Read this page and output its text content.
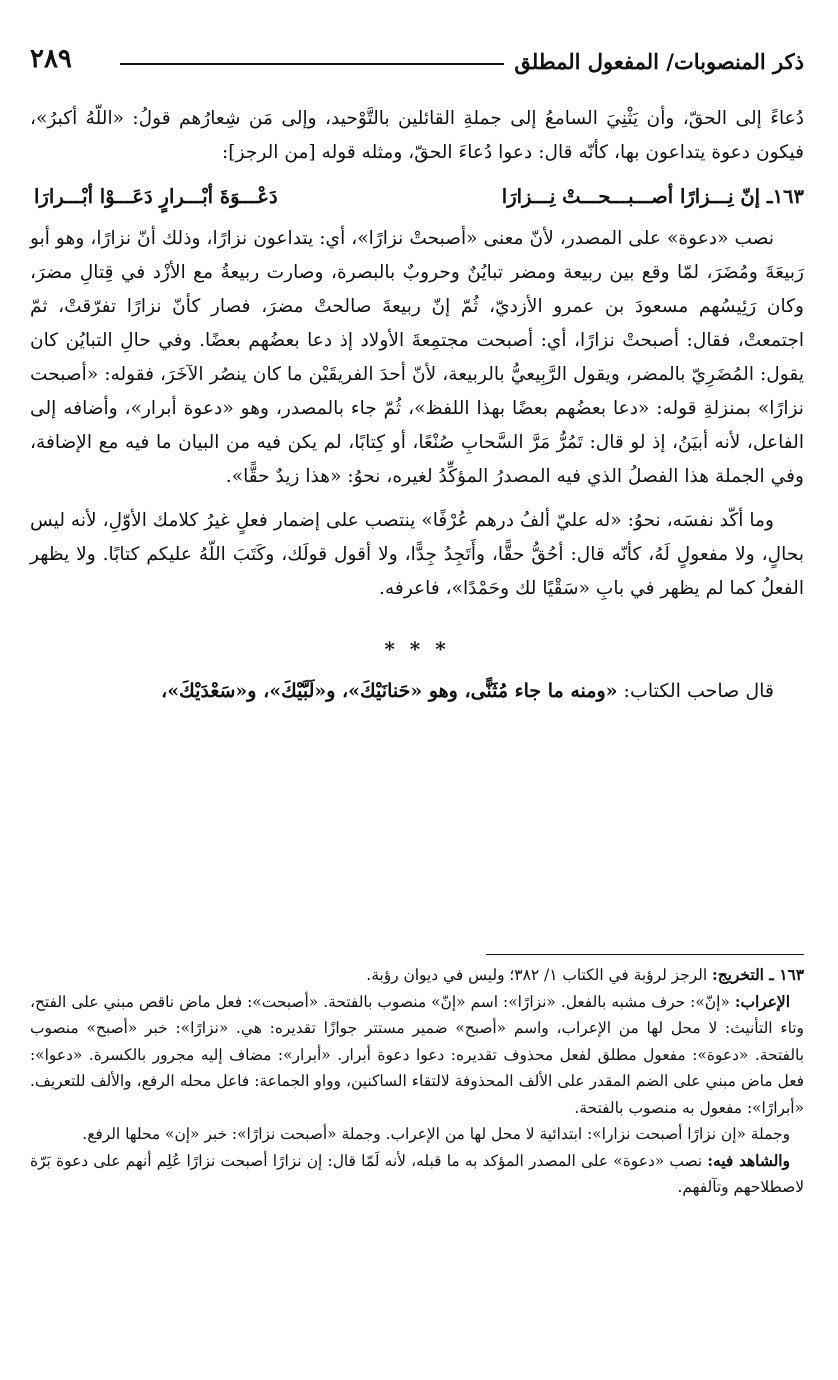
٢٨٩	ذكر المنصوبات/ المفعول المطلق

دُعاءً إلى الحقّ، وأن يَثْنِيَ السامعُ إلى جملةِ القائلين بالتَّوْحيد، وإلى مَن شِعارُهم قولُ: «اللّهُ أكبرُ»، فيكون دعوة يتداعون بها، كأنّه قال: دعوا دُعاءَ الحقّ، ومثله قوله [من الرجز]:

١٦٣ـ إنّ نِـــزارًا أصـــبـــحـــتْ نِـــزارَا
دَعْـــوَةَ أبْـــرارٍ دَعَـــوْا أبْـــرارَا

نصب «دعوة» على المصدر، لأنّ معنى «أصبحتْ نزارًا»، أي: يتداعون نزارًا، وذلك أنّ نزارًا، وهو أبو رَبيعَةَ ومُضَرَ، لمّا وقع بين ربيعة ومضر تبايُنٌ وحروبٌ بالبصرة، وصارت ربيعةُ مع الأزْد في قِتالِ مضرَ، وكان رَئِيسُهم مسعودَ بن عمرو الأزديّ، ثُمّ إنّ ربيعةَ صالحتْ مضرَ، فصار كأنّ نزارًا تفرّقتْ، ثمّ اجتمعتْ، فقال: أصبحتْ نزارًا، أي: أصبحت مجتمِعةَ الأولاد إذ دعا بعضُهم بعضًا. وفي حالِ التبايُن كان يقول: المُضَرِيّ بالمضر، ويقول الرَّبِيعيُّ بالربيعة، لأنّ أحدَ الفريقَيْن ما كان ينصُر الآخَرَ، فقوله: «أصبحت نزارًا» بمنزلةِ قوله: «دعا بعضُهم بعضًا بهذا اللفظ»، ثُمّ جاء بالمصدر، وهو «دعوة أبرار»، وأضافه إلى الفاعل، لأنه أبيَنُ، إذ لو قال: تَمُرُّ مَرَّ السَّحابِ صُنْعًا، أو كِتابًا، لم يكن فيه من البيان ما فيه مع الإضافة، وفي الجملة هذا الفصلُ الذي فيه المصدرُ المؤكِّدُ لغيره، نحوُ: «هذا زيدٌ حقًّا».

وما أكّد نفسَه، نحوُ: «له عليّ ألفُ درهم عُرْفًا» ينتصب على إضمار فعلٍ غيرُ كلامك الأوّلِ، لأنه ليس بحالٍ، ولا مفعولٍ لَهُ، كأنّه قال: أحُقُّ حقًّا، وأَتَجِدُ جِدًّا، ولا أقول قولَك، وكَتَبَ اللّهُ عليكم كتابًا. ولا يظهر الفعلُ كما لم يظهر في بابِ «سَقْيًا لك وحَمْدًا»، فاعرفه.

* * *

قال صاحب الكتاب: «ومنه ما جاء مُثَنًّى، وهو «حَنانَيْكَ»، و«لَبَّيْكَ»، و«سَعْدَيْكَ»،

١٦٣ ـ التخريج: الرجز لرؤبة في الكتاب ١/ ٣٨٢؛ وليس في ديوان رؤبة.

الإعراب: «إنّ»: حرف مشبه بالفعل. «نزارًا»: اسم «إنّ» منصوب بالفتحة. «أصبحت»: فعل ماض ناقص مبني على الفتح، وتاء التأنيث: لا محل لها من الإعراب، واسم «أصبح» ضمير مستتر جوازًا تقديره: هي. «نزارًا»: خبر «أصبح» منصوب بالفتحة. «دعوة»: مفعول مطلق لفعل محذوف تقديره: دعوا دعوة أبرار. «أبرار»: مضاف إليه مجرور بالكسرة. «دعوا»: فعل ماض مبني على الضم المقدر على الألف المحذوفة لالتقاء الساكنين، وواو الجماعة: فاعل محله الرفع، والألف للتعريف. «أبرارًا»: مفعول به منصوب بالفتحة.

وجملة «إن نزارًا أصبحت نزارا»: ابتدائية لا محل لها من الإعراب. وجملة «أصبحت نزارًا»: خبر «إن» محلها الرفع.

والشاهد فيه: نصب «دعوة» على المصدر المؤكد به ما قبله، لأنه لَمّا قال: إن نزارًا أصبحت نزارًا عُلِم أنهم على دعوة بَرّة لاصطلاحهم وتآلفهم.
